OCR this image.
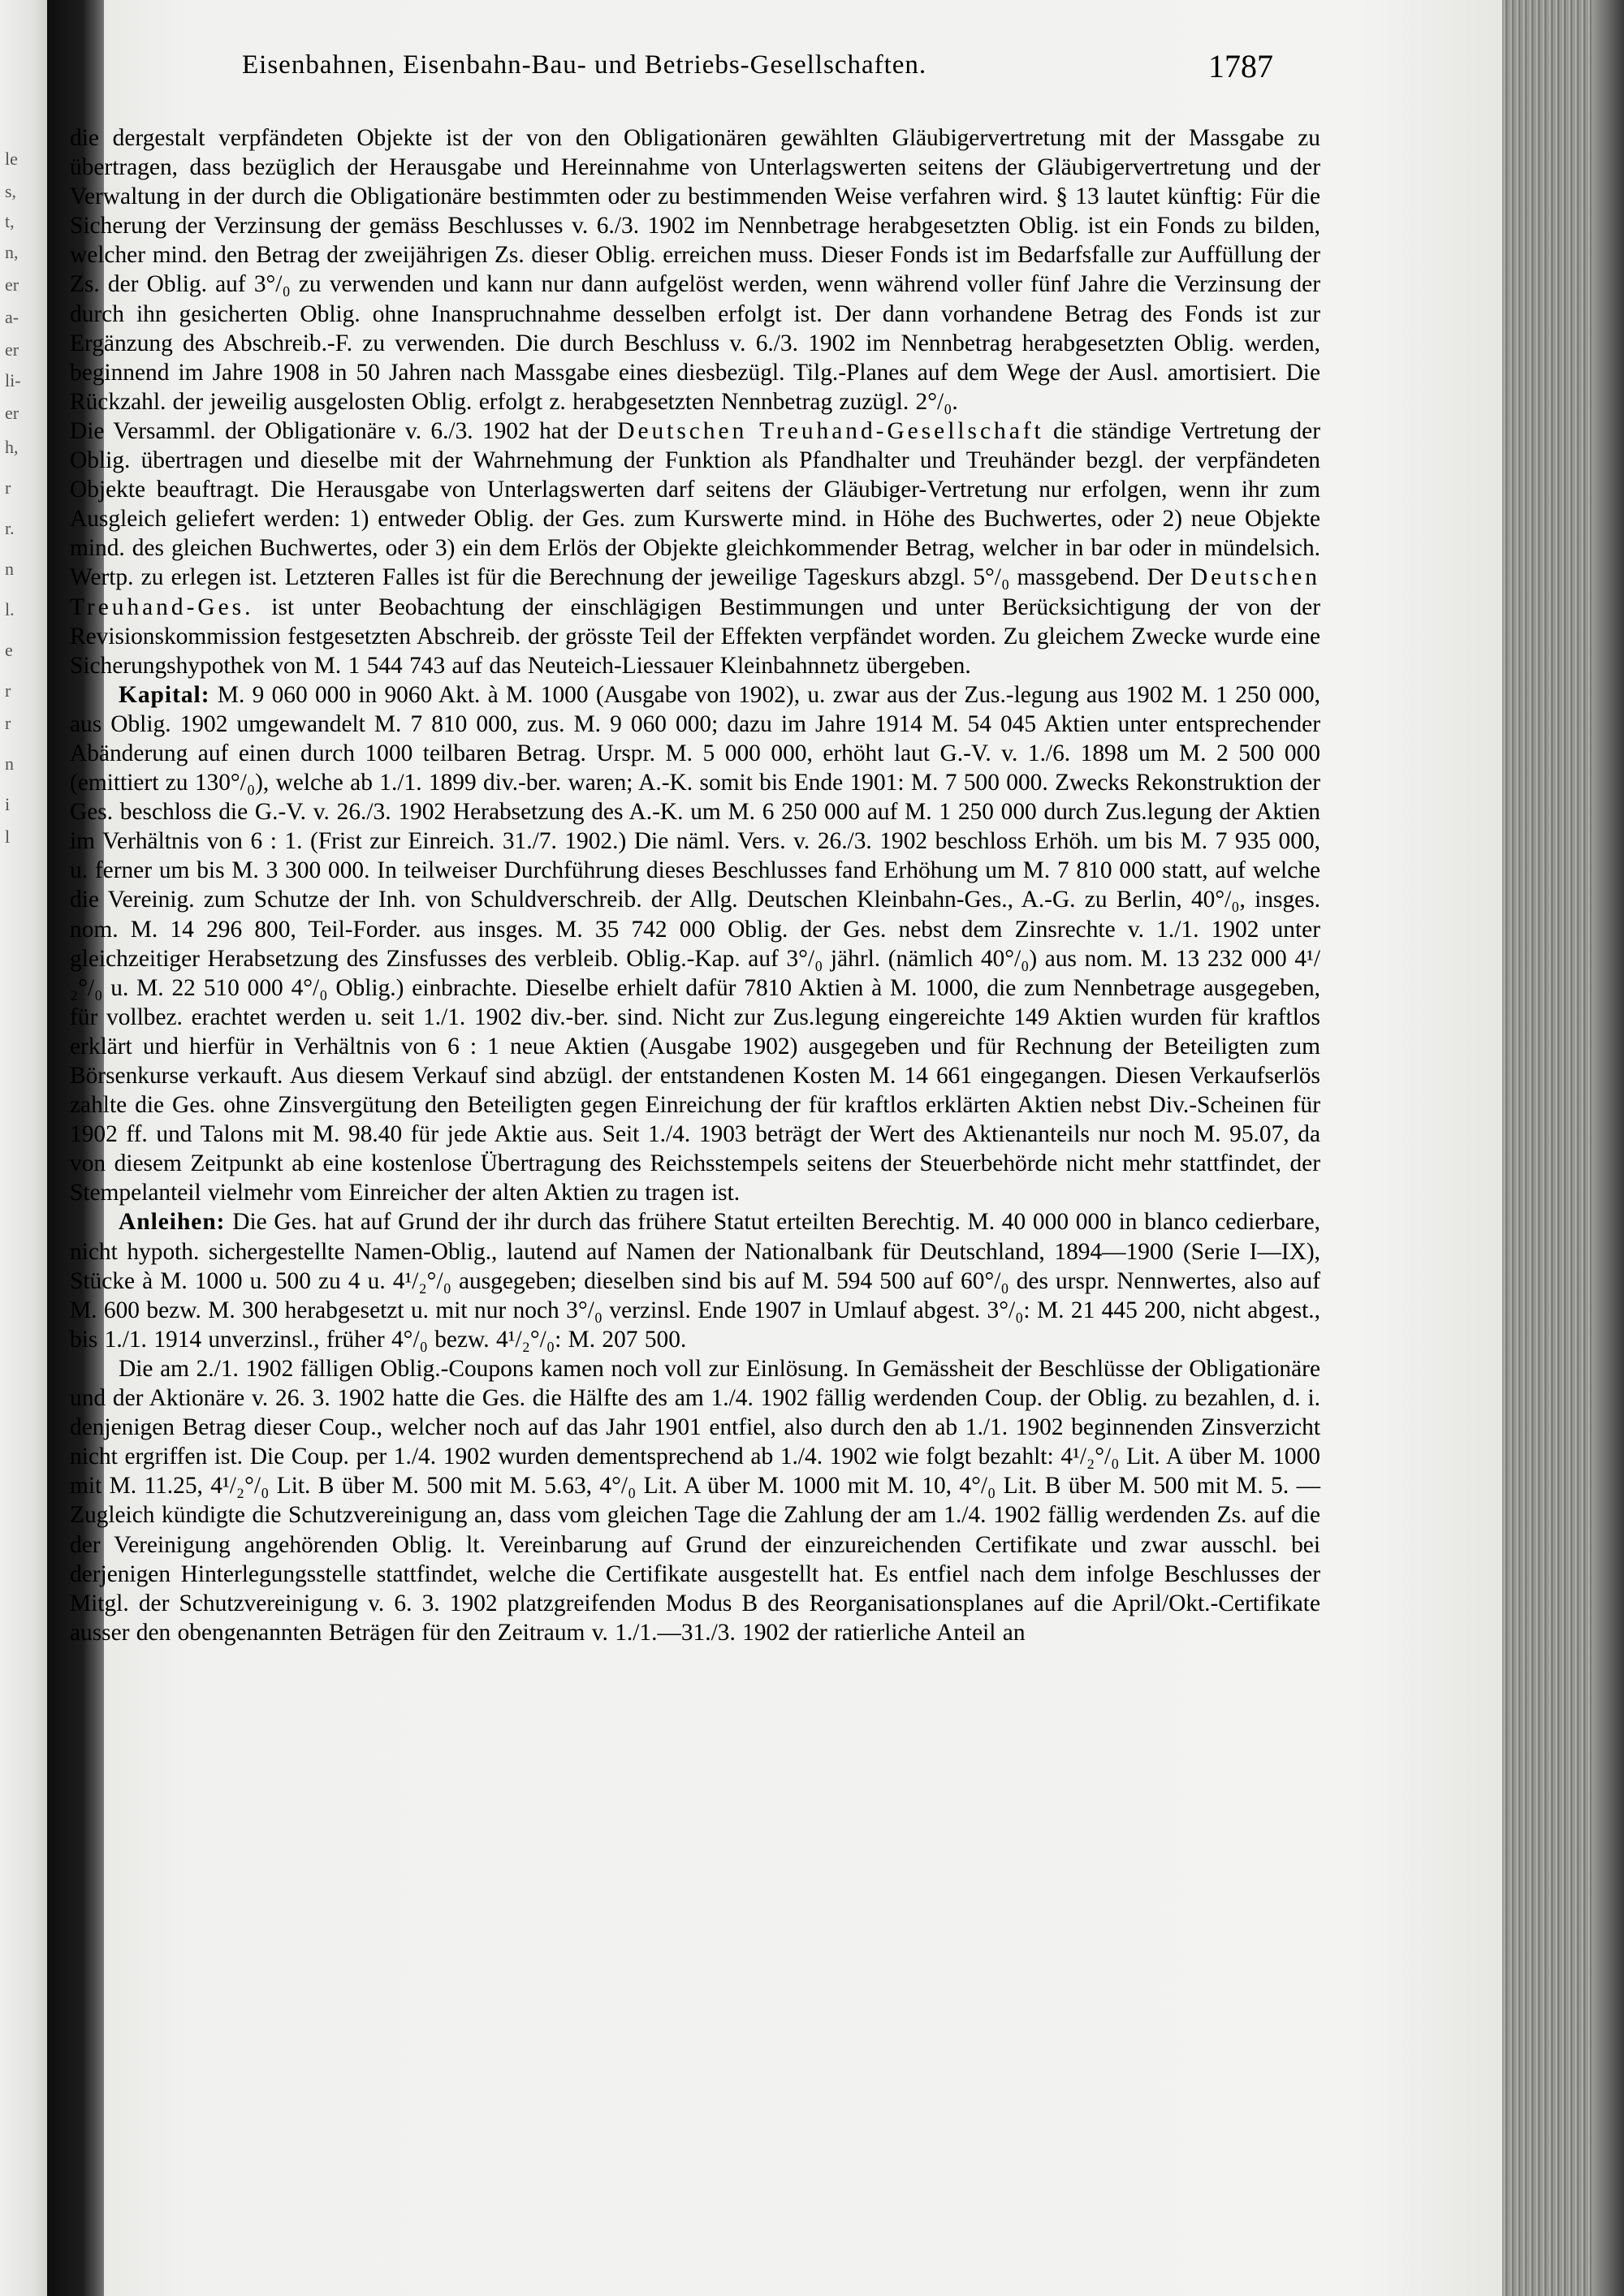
le
s,
t,
n,
er
a-
er
li-
er
h,
r
r.
n
l.
e
r
r
n
i
l
Eisenbahnen, Eisenbahn-Bau- und Betriebs-Gesellschaften.	1787

die dergestalt verpfändeten Objekte ist der von den Obligationären gewählten Gläubigervertretung mit der Massgabe zu übertragen, dass bezüglich der Herausgabe und Hereinnahme von Unterlagswerten seitens der Gläubigervertretung und der Verwaltung in der durch die Obligationäre bestimmten oder zu bestimmenden Weise verfahren wird. § 13 lautet künftig: Für die Sicherung der Verzinsung der gemäss Beschlusses v. 6./3. 1902 im Nennbetrage herabgesetzten Oblig. ist ein Fonds zu bilden, welcher mind. den Betrag der zweijährigen Zs. dieser Oblig. erreichen muss. Dieser Fonds ist im Bedarfsfalle zur Auffüllung der Zs. der Oblig. auf 3°/₀ zu verwenden und kann nur dann aufgelöst werden, wenn während voller fünf Jahre die Verzinsung der durch ihn gesicherten Oblig. ohne Inanspruchnahme desselben erfolgt ist. Der dann vorhandene Betrag des Fonds ist zur Ergänzung des Abschreib.-F. zu verwenden. Die durch Beschluss v. 6./3. 1902 im Nennbetrag herabgesetzten Oblig. werden, beginnend im Jahre 1908 in 50 Jahren nach Massgabe eines diesbezügl. Tilg.-Planes auf dem Wege der Ausl. amortisiert. Die Rückzahl. der jeweilig ausgelosten Oblig. erfolgt z. herabgesetzten Nennbetrag zuzügl. 2°/₀.

Die Versamml. der Obligationäre v. 6./3. 1902 hat der Deutschen Treuhand-Gesellschaft die ständige Vertretung der Oblig. übertragen und dieselbe mit der Wahrnehmung der Funktion als Pfandhalter und Treuhänder bezgl. der verpfändeten Objekte beauftragt. Die Herausgabe von Unterlagswerten darf seitens der Gläubiger-Vertretung nur erfolgen, wenn ihr zum Ausgleich geliefert werden: 1) entweder Oblig. der Ges. zum Kurswerte mind. in Höhe des Buchwertes, oder 2) neue Objekte mind. des gleichen Buchwertes, oder 3) ein dem Erlös der Objekte gleichkommender Betrag, welcher in bar oder in mündelsich. Wertp. zu erlegen ist. Letzteren Falles ist für die Berechnung der jeweilige Tageskurs abzgl. 5°/₀ massgebend. Der Deutschen Treuhand-Ges. ist unter Beobachtung der einschlägigen Bestimmungen und unter Berücksichtigung der von der Revisionskommission festgesetzten Abschreib. der grösste Teil der Effekten verpfändet worden. Zu gleichem Zwecke wurde eine Sicherungshypothek von M. 1 544 743 auf das Neuteich-Liessauer Kleinbahnnetz übergeben.

Kapital: M. 9 060 000 in 9060 Akt. à M. 1000 (Ausgabe von 1902), u. zwar aus der Zus.-legung aus 1902 M. 1 250 000, aus Oblig. 1902 umgewandelt M. 7 810 000, zus. M. 9 060 000; dazu im Jahre 1914 M. 54 045 Aktien unter entsprechender Abänderung auf einen durch 1000 teilbaren Betrag. Urspr. M. 5 000 000, erhöht laut G.-V. v. 1./6. 1898 um M. 2 500 000 (emittiert zu 130°/₀), welche ab 1./1. 1899 div.-ber. waren; A.-K. somit bis Ende 1901: M. 7 500 000. Zwecks Rekonstruktion der Ges. beschloss die G.-V. v. 26./3. 1902 Herabsetzung des A.-K. um M. 6 250 000 auf M. 1 250 000 durch Zus.legung der Aktien im Verhältnis von 6 : 1. (Frist zur Einreich. 31./7. 1902.) Die näml. Vers. v. 26./3. 1902 beschloss Erhöh. um bis M. 7 935 000, u. ferner um bis M. 3 300 000. In teilweiser Durchführung dieses Beschlusses fand Erhöhung um M. 7 810 000 statt, auf welche die Vereinig. zum Schutze der Inh. von Schuldverschreib. der Allg. Deutschen Kleinbahn-Ges., A.-G. zu Berlin, 40°/₀, insges. nom. M. 14 296 800, Teil-Forder. aus insges. M. 35 742 000 Oblig. der Ges. nebst dem Zinsrechte v. 1./1. 1902 unter gleichzeitiger Herabsetzung des Zinsfusses des verbleib. Oblig.-Kap. auf 3°/₀ jährl. (nämlich 40°/₀) aus nom. M. 13 232 000 4¹/₂°/₀ u. M. 22 510 000 4°/₀ Oblig.) einbrachte. Dieselbe erhielt dafür 7810 Aktien à M. 1000, die zum Nennbetrage ausgegeben, für vollbez. erachtet werden u. seit 1./1. 1902 div.-ber. sind. Nicht zur Zus.legung eingereichte 149 Aktien wurden für kraftlos erklärt und hierfür in Verhältnis von 6 : 1 neue Aktien (Ausgabe 1902) ausgegeben und für Rechnung der Beteiligten zum Börsenkurse verkauft. Aus diesem Verkauf sind abzügl. der entstandenen Kosten M. 14 661 eingegangen. Diesen Verkaufserlös zahlte die Ges. ohne Zinsvergütung den Beteiligten gegen Einreichung der für kraftlos erklärten Aktien nebst Div.-Scheinen für 1902 ff. und Talons mit M. 98.40 für jede Aktie aus. Seit 1./4. 1903 beträgt der Wert des Aktienanteils nur noch M. 95.07, da von diesem Zeitpunkt ab eine kostenlose Übertragung des Reichsstempels seitens der Steuerbehörde nicht mehr stattfindet, der Stempelanteil vielmehr vom Einreicher der alten Aktien zu tragen ist.

Anleihen: Die Ges. hat auf Grund der ihr durch das frühere Statut erteilten Berechtig. M. 40 000 000 in blanco cedierbare, nicht hypoth. sichergestellte Namen-Oblig., lautend auf Namen der Nationalbank für Deutschland, 1894—1900 (Serie I—IX), Stücke à M. 1000 u. 500 zu 4 u. 4¹/₂°/₀ ausgegeben; dieselben sind bis auf M. 594 500 auf 60°/₀ des urspr. Nennwertes, also auf M. 600 bezw. M. 300 herabgesetzt u. mit nur noch 3°/₀ verzinsl. Ende 1907 in Umlauf abgest. 3°/₀: M. 21 445 200, nicht abgest., bis 1./1. 1914 unverzinsl., früher 4°/₀ bezw. 4¹/₂°/₀: M. 207 500.

Die am 2./1. 1902 fälligen Oblig.-Coupons kamen noch voll zur Einlösung. In Gemässheit der Beschlüsse der Obligationäre und der Aktionäre v. 26. 3. 1902 hatte die Ges. die Hälfte des am 1./4. 1902 fällig werdenden Coup. der Oblig. zu bezahlen, d. i. denjenigen Betrag dieser Coup., welcher noch auf das Jahr 1901 entfiel, also durch den ab 1./1. 1902 beginnenden Zinsverzicht nicht ergriffen ist. Die Coup. per 1./4. 1902 wurden dementsprechend ab 1./4. 1902 wie folgt bezahlt: 4¹/₂°/₀ Lit. A über M. 1000 mit M. 11.25, 4¹/₂°/₀ Lit. B über M. 500 mit M. 5.63, 4°/₀ Lit. A über M. 1000 mit M. 10, 4°/₀ Lit. B über M. 500 mit M. 5. — Zugleich kündigte die Schutzvereinigung an, dass vom gleichen Tage die Zahlung der am 1./4. 1902 fällig werdenden Zs. auf die der Vereinigung angehörenden Oblig. lt. Vereinbarung auf Grund der einzureichenden Certifikate und zwar ausschl. bei derjenigen Hinterlegungsstelle stattfindet, welche die Certifikate ausgestellt hat. Es entfiel nach dem infolge Beschlusses der Mitgl. der Schutzvereinigung v. 6. 3. 1902 platzgreifenden Modus B des Reorganisationsplanes auf die April/Okt.-Certifikate ausser den obengenannten Beträgen für den Zeitraum v. 1./1.—31./3. 1902 der ratierliche Anteil an
